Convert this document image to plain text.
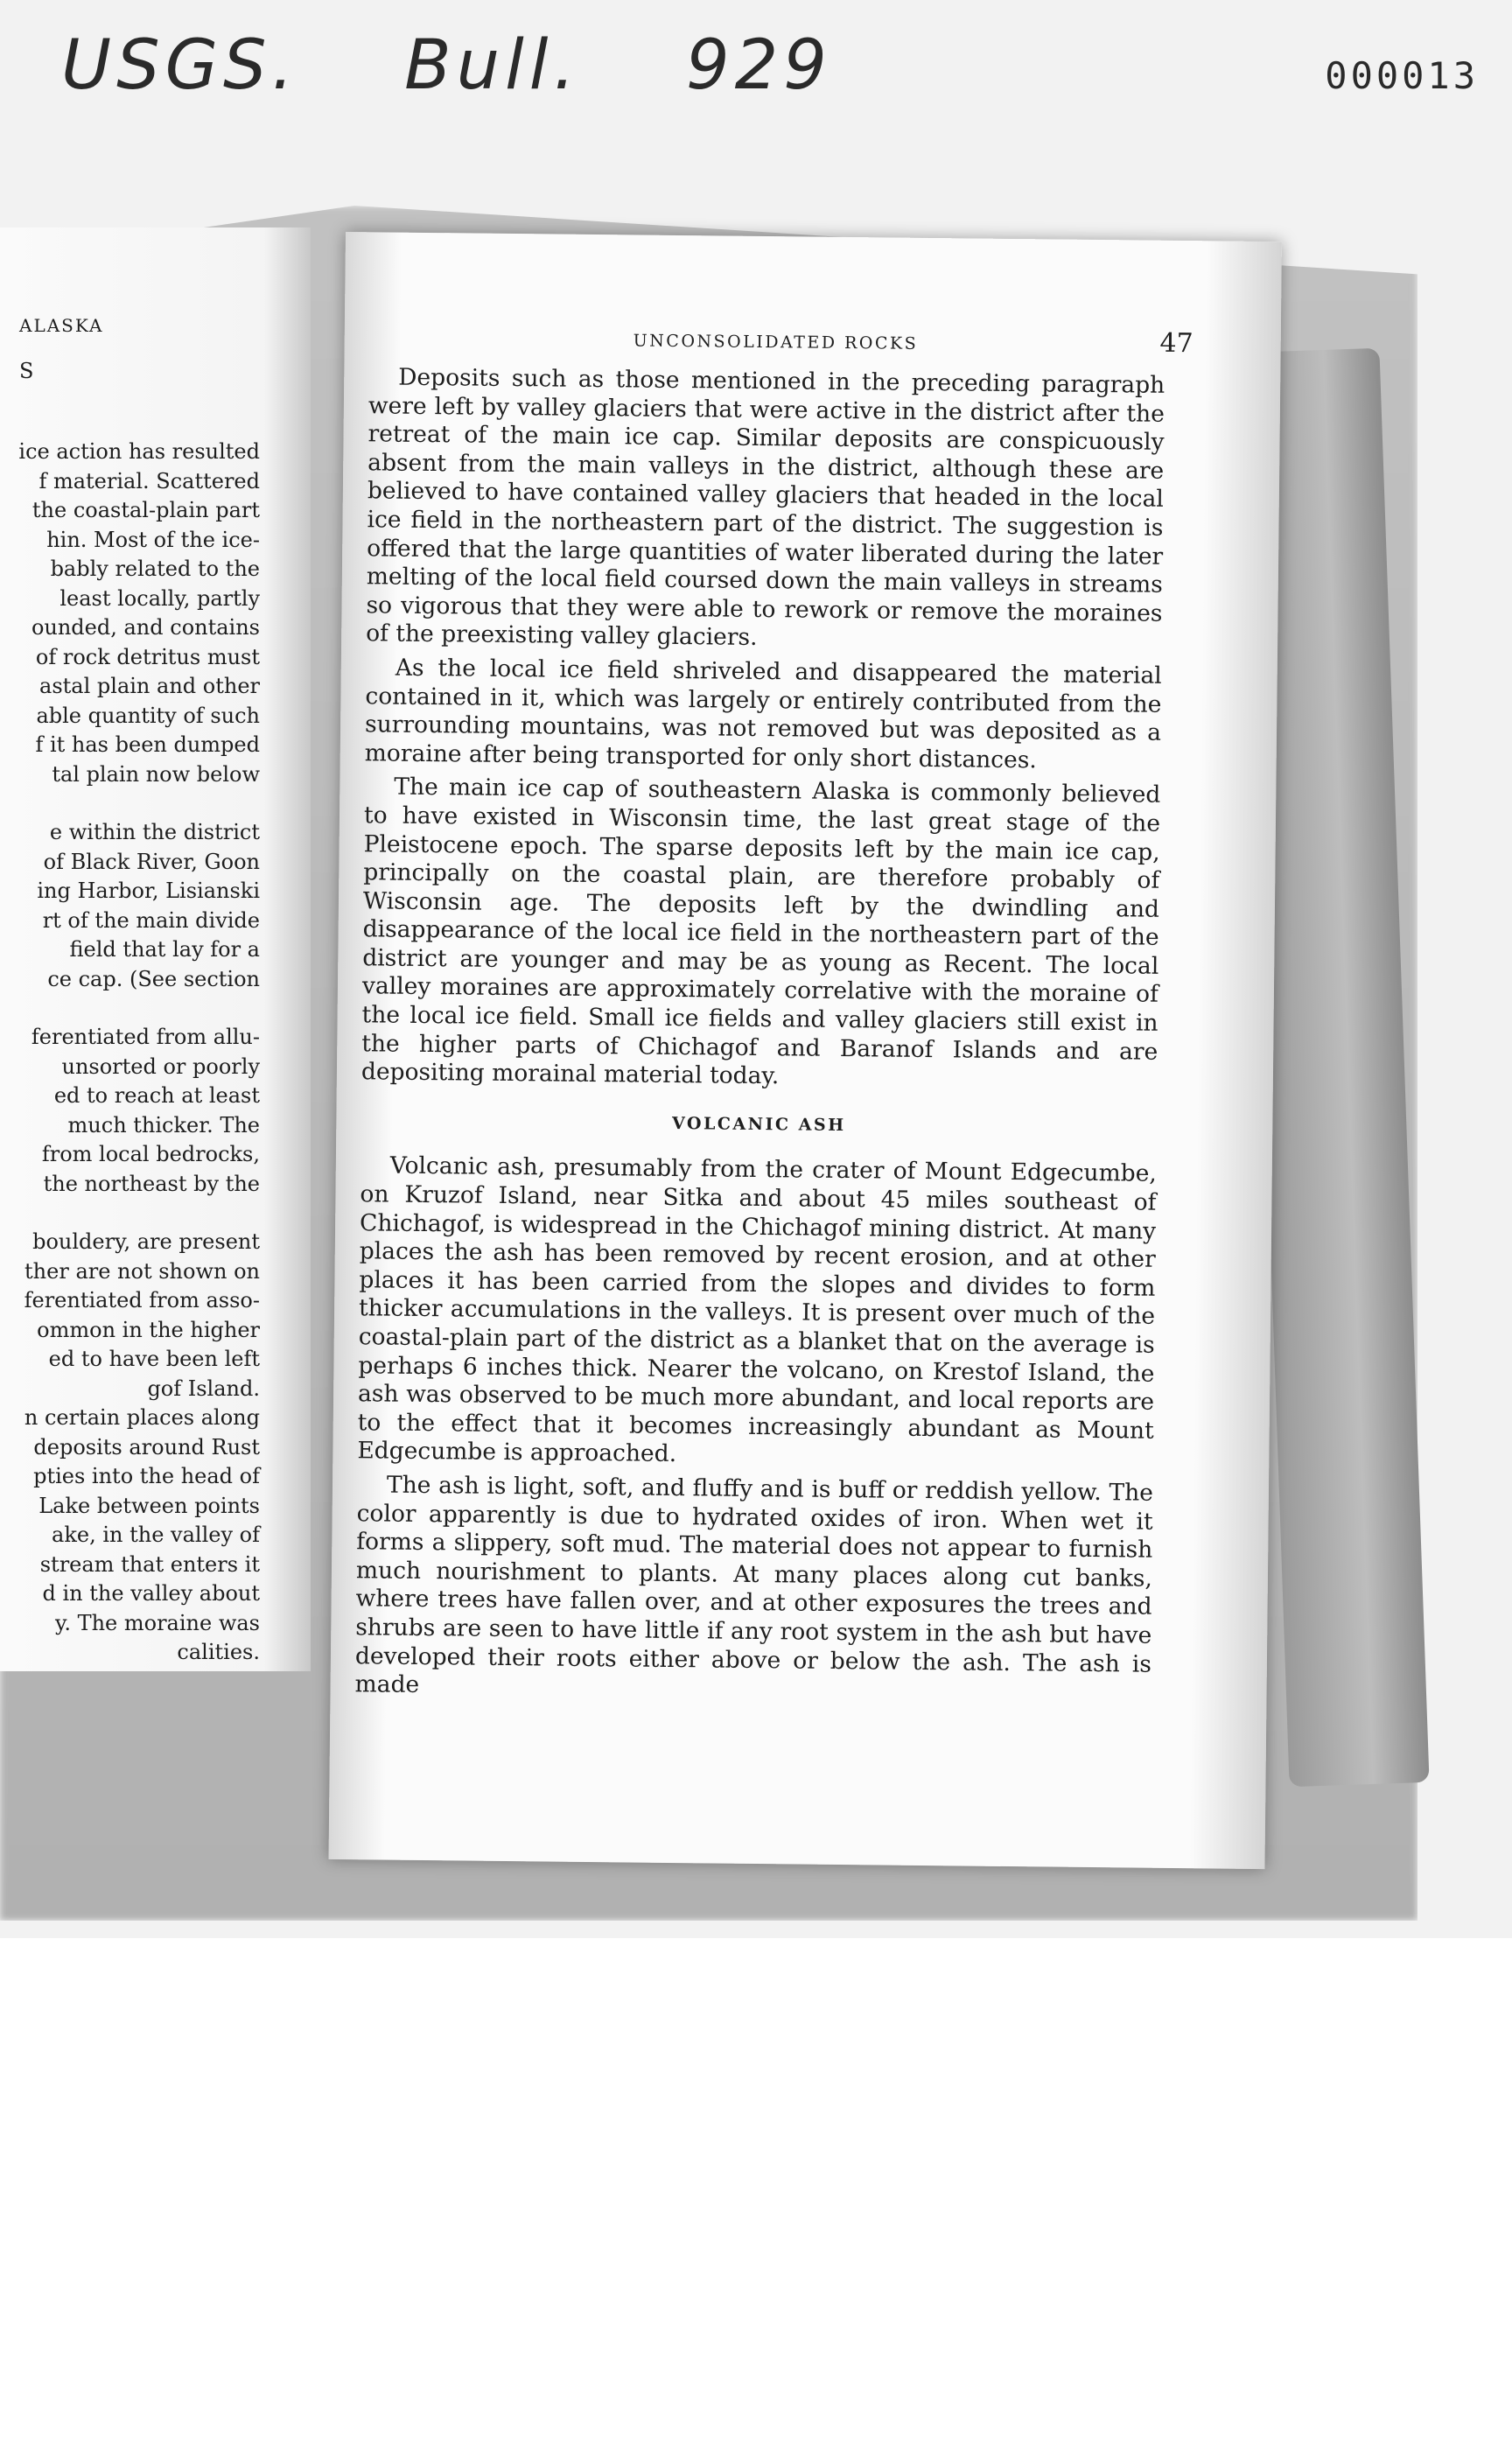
USGS. Bull. 929	000013
ALASKA
S
ice action has resulted
f material. Scattered
the coastal-plain part
hin. Most of the ice-
bably related to the
least locally, partly
ounded, and contains
of rock detritus must
astal plain and other
able quantity of such
f it has been dumped
tal plain now below
e within the district
of Black River, Goon
ing Harbor, Lisianski
rt of the main divide
field that lay for a
ce cap. (See section
ferentiated from allu-
unsorted or poorly
ed to reach at least
much thicker. The
from local bedrocks,
the northeast by the
bouldery, are present
ther are not shown on
ferentiated from asso-
ommon in the higher
ed to have been left
gof Island.
n certain places along
deposits around Rust
pties into the head of
Lake between points
ake, in the valley of
stream that enters it
d in the valley about
y. The moraine was
calities.
UNCONSOLIDATED ROCKS	47

Deposits such as those mentioned in the preceding paragraph were left by valley glaciers that were active in the district after the retreat of the main ice cap. Similar deposits are conspicuously absent from the main valleys in the district, although these are believed to have contained valley glaciers that headed in the local ice field in the northeastern part of the district. The suggestion is offered that the large quantities of water liberated during the later melting of the local field coursed down the main valleys in streams so vigorous that they were able to rework or remove the moraines of the preexisting valley glaciers.

As the local ice field shriveled and disappeared the material contained in it, which was largely or entirely contributed from the surrounding mountains, was not removed but was deposited as a moraine after being transported for only short distances.

The main ice cap of southeastern Alaska is commonly believed to have existed in Wisconsin time, the last great stage of the Pleistocene epoch. The sparse deposits left by the main ice cap, principally on the coastal plain, are therefore probably of Wisconsin age. The deposits left by the dwindling and disappearance of the local ice field in the northeastern part of the district are younger and may be as young as Recent. The local valley moraines are approximately correlative with the moraine of the local ice field. Small ice fields and valley glaciers still exist in the higher parts of Chichagof and Baranof Islands and are depositing morainal material today.

VOLCANIC ASH

Volcanic ash, presumably from the crater of Mount Edgecumbe, on Kruzof Island, near Sitka and about 45 miles southeast of Chichagof, is widespread in the Chichagof mining district. At many places the ash has been removed by recent erosion, and at other places it has been carried from the slopes and divides to form thicker accumulations in the valleys. It is present over much of the coastal-plain part of the district as a blanket that on the average is perhaps 6 inches thick. Nearer the volcano, on Krestof Island, the ash was observed to be much more abundant, and local reports are to the effect that it becomes increasingly abundant as Mount Edgecumbe is approached.

The ash is light, soft, and fluffy and is buff or reddish yellow. The color apparently is due to hydrated oxides of iron. When wet it forms a slippery, soft mud. The material does not appear to furnish much nourishment to plants. At many places along cut banks, where trees have fallen over, and at other exposures the trees and shrubs are seen to have little if any root system in the ash but have developed their roots either above or below the ash. The ash is made
